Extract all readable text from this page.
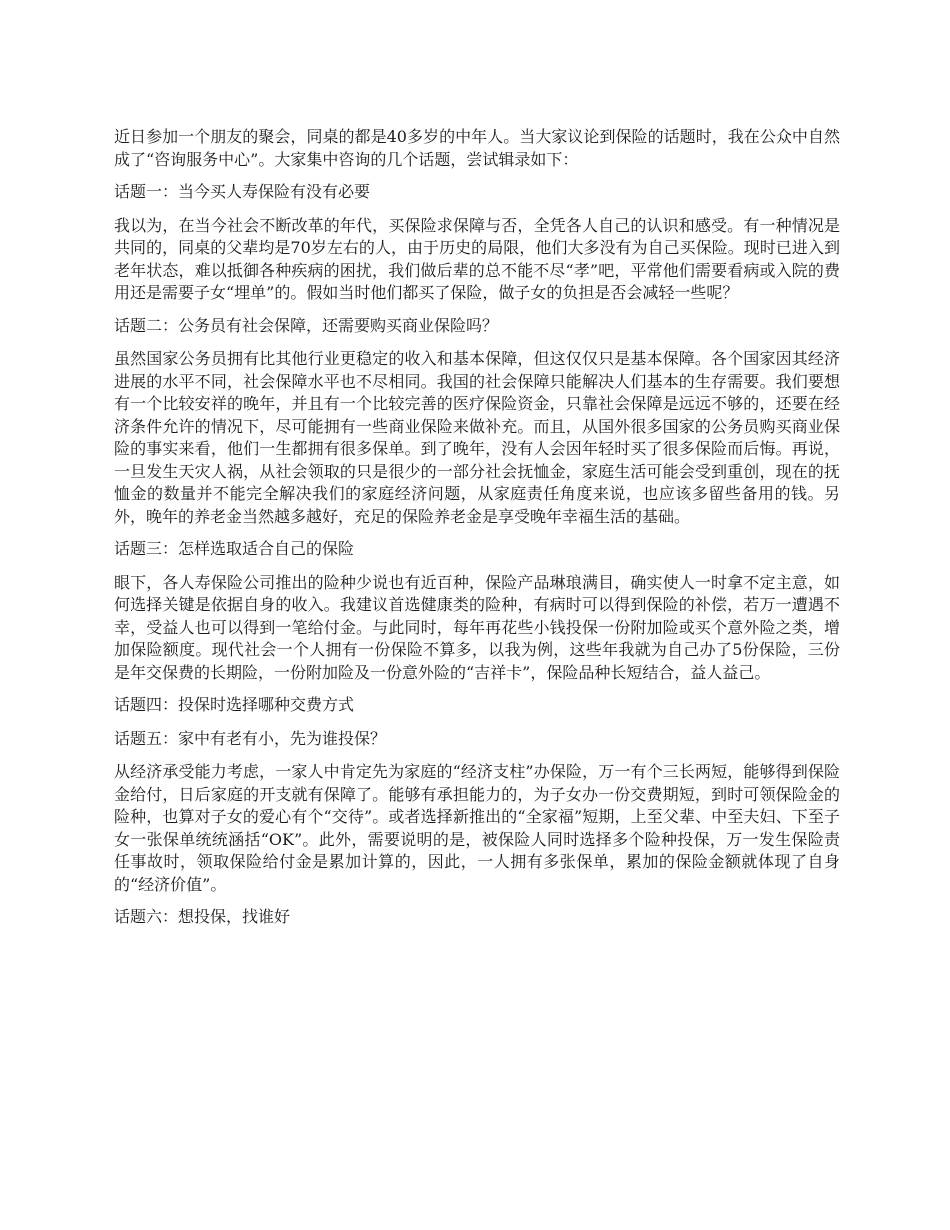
近日参加一个朋友的聚会，同桌的都是40多岁的中年人。当大家议论到保险的话题时，我在公众中自然成了“咨询服务中心”。大家集中咨询的几个话题，尝试辑录如下：

话题一：当今买人寿保险有没有必要

我以为，在当今社会不断改革的年代，买保险求保障与否，全凭各人自己的认识和感受。有一种情况是共同的，同桌的父辈均是70岁左右的人，由于历史的局限，他们大多没有为自己买保险。现时已进入到老年状态，难以抵御各种疾病的困扰，我们做后辈的总不能不尽“孝”吧，平常他们需要看病或入院的费用还是需要子女“埋单”的。假如当时他们都买了保险，做子女的负担是否会减轻一些呢？

话题二：公务员有社会保障，还需要购买商业保险吗？

虽然国家公务员拥有比其他行业更稳定的收入和基本保障，但这仅仅只是基本保障。各个国家因其经济进展的水平不同，社会保障水平也不尽相同。我国的社会保障只能解决人们基本的生存需要。我们要想有一个比较安祥的晚年，并且有一个比较完善的医疗保险资金，只靠社会保障是远远不够的，还要在经济条件允许的情况下，尽可能拥有一些商业保险来做补充。而且，从国外很多国家的公务员购买商业保险的事实来看，他们一生都拥有很多保单。到了晚年，没有人会因年轻时买了很多保险而后悔。再说，一旦发生天灾人祸，从社会领取的只是很少的一部分社会抚恤金，家庭生活可能会受到重创，现在的抚恤金的数量并不能完全解决我们的家庭经济问题，从家庭责任角度来说，也应该多留些备用的钱。另外，晚年的养老金当然越多越好，充足的保险养老金是享受晚年幸福生活的基础。

话题三：怎样选取适合自己的保险

眼下，各人寿保险公司推出的险种少说也有近百种，保险产品琳琅满目，确实使人一时拿不定主意，如何选择关键是依据自身的收入。我建议首选健康类的险种，有病时可以得到保险的补偿，若万一遭遇不幸，受益人也可以得到一笔给付金。与此同时，每年再花些小钱投保一份附加险或买个意外险之类，增加保险额度。现代社会一个人拥有一份保险不算多，以我为例，这些年我就为自己办了5份保险，三份是年交保费的长期险，一份附加险及一份意外险的“吉祥卡”，保险品种长短结合，益人益己。

话题四：投保时选择哪种交费方式

话题五：家中有老有小，先为谁投保？

从经济承受能力考虑，一家人中肯定先为家庭的“经济支柱”办保险，万一有个三长两短，能够得到保险金给付，日后家庭的开支就有保障了。能够有承担能力的，为子女办一份交费期短，到时可领保险金的险种，也算对子女的爱心有个“交待”。或者选择新推出的“全家福”短期，上至父辈、中至夫妇、下至子女一张保单统统涵括“OK”。此外，需要说明的是，被保险人同时选择多个险种投保，万一发生保险责任事故时，领取保险给付金是累加计算的，因此，一人拥有多张保单，累加的保险金额就体现了自身的“经济价值”。

话题六：想投保，找谁好
